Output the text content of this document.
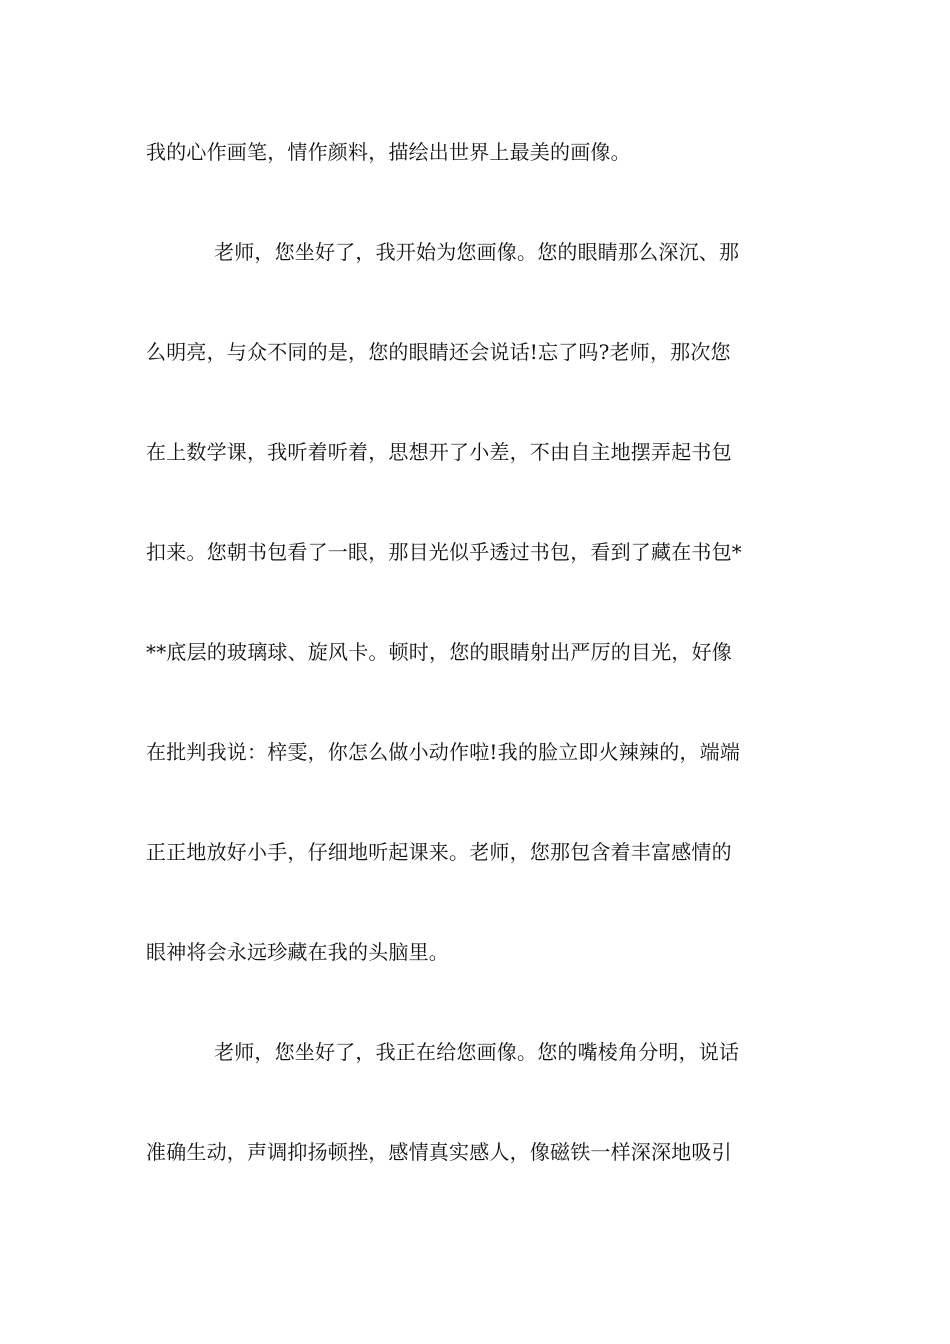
我的心作画笔，情作颜料，描绘出世界上最美的画像。
老师，您坐好了，我开始为您画像。您的眼睛那么深沉、那
么明亮，与众不同的是，您的眼睛还会说话!忘了吗?老师，那次您
在上数学课，我听着听着，思想开了小差，不由自主地摆弄起书包
扣来。您朝书包看了一眼，那目光似乎透过书包，看到了藏在书包*
**底层的玻璃球、旋风卡。顿时，您的眼睛射出严厉的目光，好像
在批判我说：梓雯，你怎么做小动作啦!我的脸立即火辣辣的，端端
正正地放好小手，仔细地听起课来。老师，您那包含着丰富感情的
眼神将会永远珍藏在我的头脑里。
老师，您坐好了，我正在给您画像。您的嘴棱角分明，说话
准确生动，声调抑扬顿挫，感情真实感人，像磁铁一样深深地吸引
